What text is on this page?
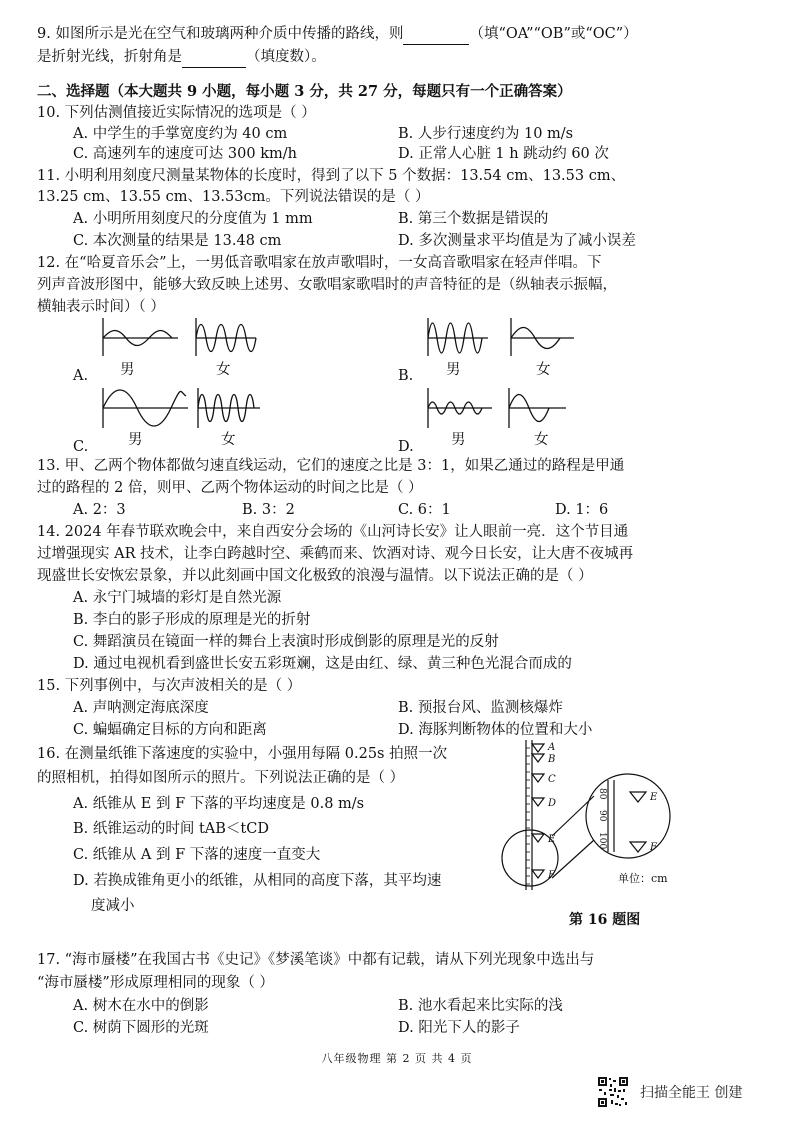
9. 如图所示是光在空气和玻璃两种介质中传播的路线，则	（填“OA”“OB”或“OC”）
是折射光线，折射角是	（填度数）。
二、选择题（本大题共 9 小题，每小题 3 分，共 27 分，每题只有一个正确答案）
10. 下列估测值接近实际情况的选项是（ ）
A. 中学生的手掌宽度约为 40 cm	B. 人步行速度约为 10 m/s
C. 高速列车的速度可达 300 km/h	D. 正常人心脏 1 h 跳动约 60 次
11. 小明利用刻度尺测量某物体的长度时，得到了以下 5 个数据：13.54 cm、13.53 cm、
13.25 cm、13.55 cm、13.53cm。下列说法错误的是（ ）
A. 小明所用刻度尺的分度值为 1 mm	B. 第三个数据是错误的
C. 本次测量的结果是 13.48 cm	D. 多次测量求平均值是为了减小误差
12. 在“哈夏音乐会”上，一男低音歌唱家在放声歌唱时，一女高音歌唱家在轻声伴唱。下
列声音波形图中，能够大致反映上述男、女歌唱家歌唱时的声音特征的是（纵轴表示振幅，
横轴表示时间）（ ）
A.	B.
C.	D.
男	女	男	女
男	女	男	女
13. 甲、乙两个物体都做匀速直线运动，它们的速度之比是 3：1，如果乙通过的路程是甲通
过的路程的 2 倍，则甲、乙两个物体运动的时间之比是（ ）
A. 2：3	B. 3：2	C. 6：1	D. 1：6
14. 2024 年春节联欢晚会中，来自西安分会场的《山河诗长安》让人眼前一亮．这个节目通
过增强现实 AR 技术，让李白跨越时空、乘鹤而来、饮酒对诗、观今日长安，让大唐不夜城再
现盛世长安恢宏景象，并以此刻画中国文化极致的浪漫与温情。以下说法正确的是（ ）
A. 永宁门城墙的彩灯是自然光源
B. 李白的影子形成的原理是光的折射
C. 舞蹈演员在镜面一样的舞台上表演时形成倒影的原理是光的反射
D. 通过电视机看到盛世长安五彩斑斓，这是由红、绿、黄三种色光混合而成的
15. 下列事例中，与次声波相关的是（ ）
A. 声呐测定海底深度	B. 预报台风、监测核爆炸
C. 蝙蝠确定目标的方向和距离	D. 海豚判断物体的位置和大小
16. 在测量纸锥下落速度的实验中，小强用每隔 0.25s 拍照一次
的照相机，拍得如图所示的照片。下列说法正确的是（ ）
A. 纸锥从 E 到 F 下落的平均速度是 0.8 m/s
B. 纸锥运动的时间 tAB＜tCD
C. 纸锥从 A 到 F 下落的速度一直变大
D. 若换成锥角更小的纸锥，从相同的高度下落，其平均速
度减小
A
B
C
D
E
F
E
F
80
90
100
单位：cm
第 16 题图
17. “海市蜃楼”在我国古书《史记》《梦溪笔谈》中都有记载，请从下列光现象中选出与
“海市蜃楼”形成原理相同的现象（ ）
A. 树木在水中的倒影	B. 池水看起来比实际的浅
C. 树荫下圆形的光斑	D. 阳光下人的影子
八年级物理 第 2 页 共 4 页
扫描全能王 创建
